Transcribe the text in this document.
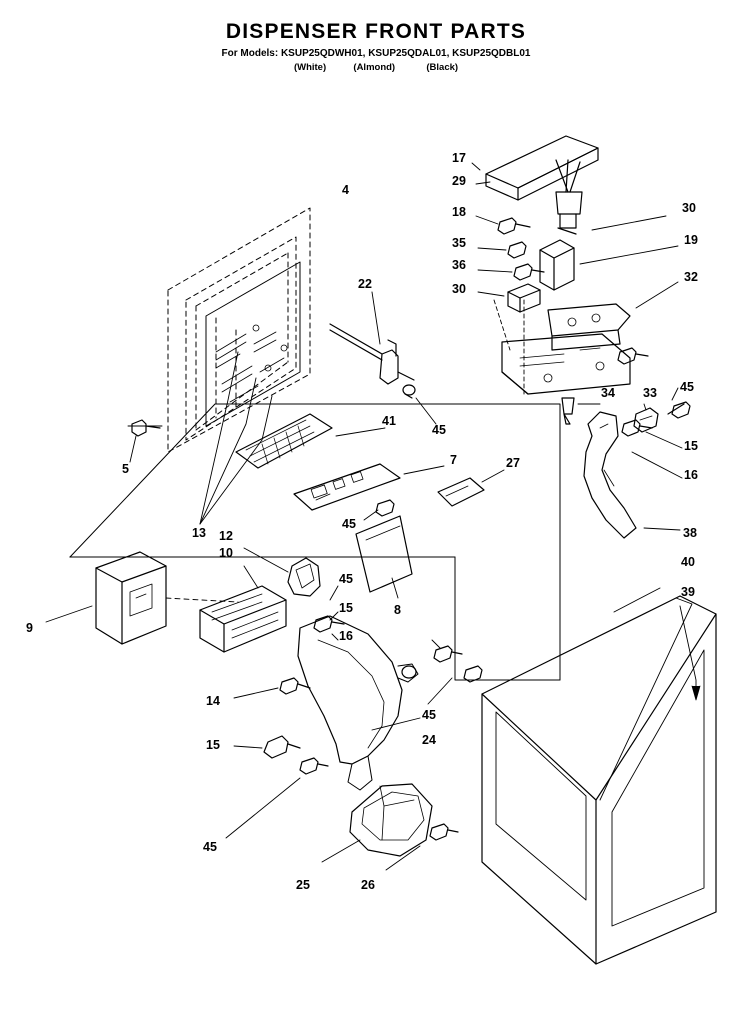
DISPENSER FRONT PARTS
For Models: KSUP25QDWH01, KSUP25QDAL01, KSUP25QDBL01
(White)	(Almond)	(Black)
17
29
18
35
36
30
30
19
32
4
22
45
5
13
41
7	27
45
8
34 33 45
15
16
38
12
10
9
45
15
16
14
15
45
45
24
25	26
40
39
